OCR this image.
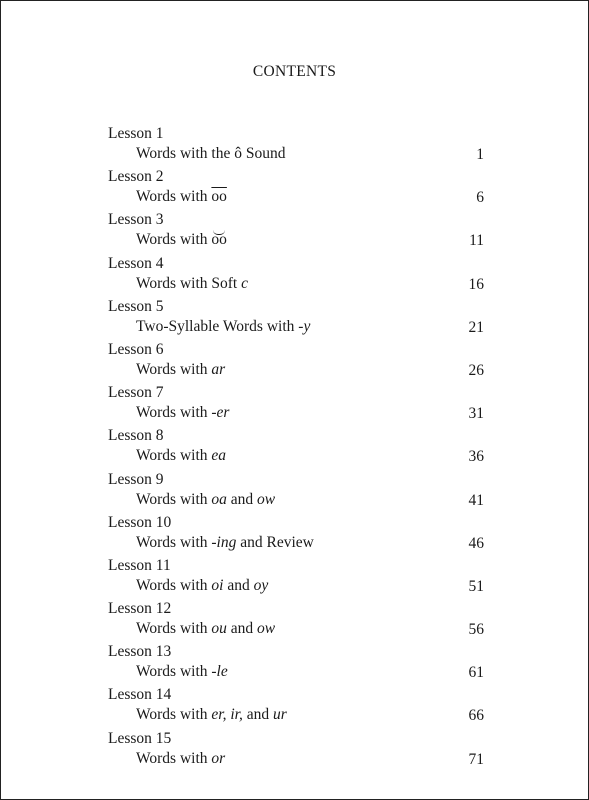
CONTENTS
Lesson 1
Words with the ô Sound	1
Lesson 2
Words with $\overline{oo}$	6
Lesson 3
Words with oo	11
Lesson 4
Words with Soft c	16
Lesson 5
Two-Syllable Words with -y	21
Lesson 6
Words with ar	26
Lesson 7
Words with -er	31
Lesson 8
Words with ea	36
Lesson 9
Words with oa and ow	41
Lesson 10
Words with -ing and Review	46
Lesson 11
Words with oi and oy	51
Lesson 12
Words with ou and ow	56
Lesson 13
Words with -le	61
Lesson 14
Words with er, ir, and ur	66
Lesson 15
Words with or	71
